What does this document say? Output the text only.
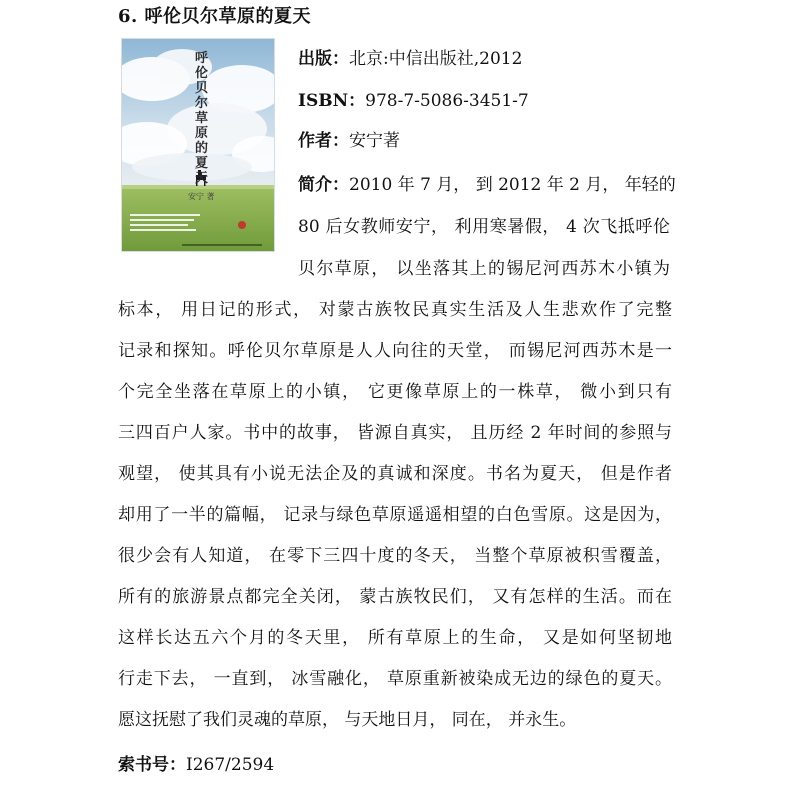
6. 呼伦贝尔草原的夏天
呼伦贝尔草原的夏天
安宁 著
出版：北京:中信出版社,2012
ISBN：978-7-5086-3451-7
作者：安宁著
简介：2010 年 7 月， 到 2012 年 2 月， 年轻的
80 后女教师安宁， 利用寒暑假， 4 次飞抵呼伦
贝尔草原， 以坐落其上的锡尼河西苏木小镇为
标本， 用日记的形式， 对蒙古族牧民真实生活及人生悲欢作了完整
记录和探知。呼伦贝尔草原是人人向往的天堂， 而锡尼河西苏木是一
个完全坐落在草原上的小镇， 它更像草原上的一株草， 微小到只有
三四百户人家。书中的故事， 皆源自真实， 且历经 2 年时间的参照与
观望， 使其具有小说无法企及的真诚和深度。书名为夏天， 但是作者
却用了一半的篇幅， 记录与绿色草原遥遥相望的白色雪原。这是因为，
很少会有人知道， 在零下三四十度的冬天， 当整个草原被积雪覆盖，
所有的旅游景点都完全关闭， 蒙古族牧民们， 又有怎样的生活。而在
这样长达五六个月的冬天里， 所有草原上的生命， 又是如何坚韧地
行走下去， 一直到， 冰雪融化， 草原重新被染成无边的绿色的夏天。
愿这抚慰了我们灵魂的草原， 与天地日月， 同在， 并永生。
索书号：I267/2594
